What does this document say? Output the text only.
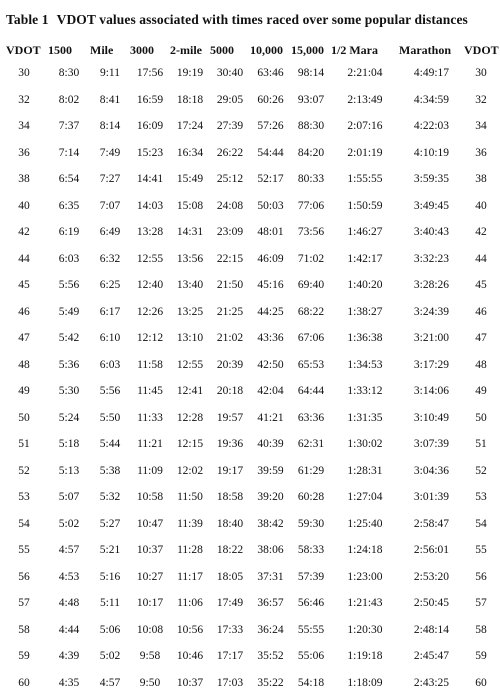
Table 1 VDOT values associated with times raced over some popular distances
VDOT	1500	Mile	3000	2-mile	5000	10,000	15,000	1/2 Mara	Marathon	VDOT
30	8:30	9:11	17:56	19:19	30:40	63:46	98:14	2:21:04	4:49:17	30
32	8:02	8:41	16:59	18:18	29:05	60:26	93:07	2:13:49	4:34:59	32
34	7:37	8:14	16:09	17:24	27:39	57:26	88:30	2:07:16	4:22:03	34
36	7:14	7:49	15:23	16:34	26:22	54:44	84:20	2:01:19	4:10:19	36
38	6:54	7:27	14:41	15:49	25:12	52:17	80:33	1:55:55	3:59:35	38
40	6:35	7:07	14:03	15:08	24:08	50:03	77:06	1:50:59	3:49:45	40
42	6:19	6:49	13:28	14:31	23:09	48:01	73:56	1:46:27	3:40:43	42
44	6:03	6:32	12:55	13:56	22:15	46:09	71:02	1:42:17	3:32:23	44
45	5:56	6:25	12:40	13:40	21:50	45:16	69:40	1:40:20	3:28:26	45
46	5:49	6:17	12:26	13:25	21:25	44:25	68:22	1:38:27	3:24:39	46
47	5:42	6:10	12:12	13:10	21:02	43:36	67:06	1:36:38	3:21:00	47
48	5:36	6:03	11:58	12:55	20:39	42:50	65:53	1:34:53	3:17:29	48
49	5:30	5:56	11:45	12:41	20:18	42:04	64:44	1:33:12	3:14:06	49
50	5:24	5:50	11:33	12:28	19:57	41:21	63:36	1:31:35	3:10:49	50
51	5:18	5:44	11:21	12:15	19:36	40:39	62:31	1:30:02	3:07:39	51
52	5:13	5:38	11:09	12:02	19:17	39:59	61:29	1:28:31	3:04:36	52
53	5:07	5:32	10:58	11:50	18:58	39:20	60:28	1:27:04	3:01:39	53
54	5:02	5:27	10:47	11:39	18:40	38:42	59:30	1:25:40	2:58:47	54
55	4:57	5:21	10:37	11:28	18:22	38:06	58:33	1:24:18	2:56:01	55
56	4:53	5:16	10:27	11:17	18:05	37:31	57:39	1:23:00	2:53:20	56
57	4:48	5:11	10:17	11:06	17:49	36:57	56:46	1:21:43	2:50:45	57
58	4:44	5:06	10:08	10:56	17:33	36:24	55:55	1:20:30	2:48:14	58
59	4:39	5:02	9:58	10:46	17:17	35:52	55:06	1:19:18	2:45:47	59
60	4:35	4:57	9:50	10:37	17:03	35:22	54:18	1:18:09	2:43:25	60
